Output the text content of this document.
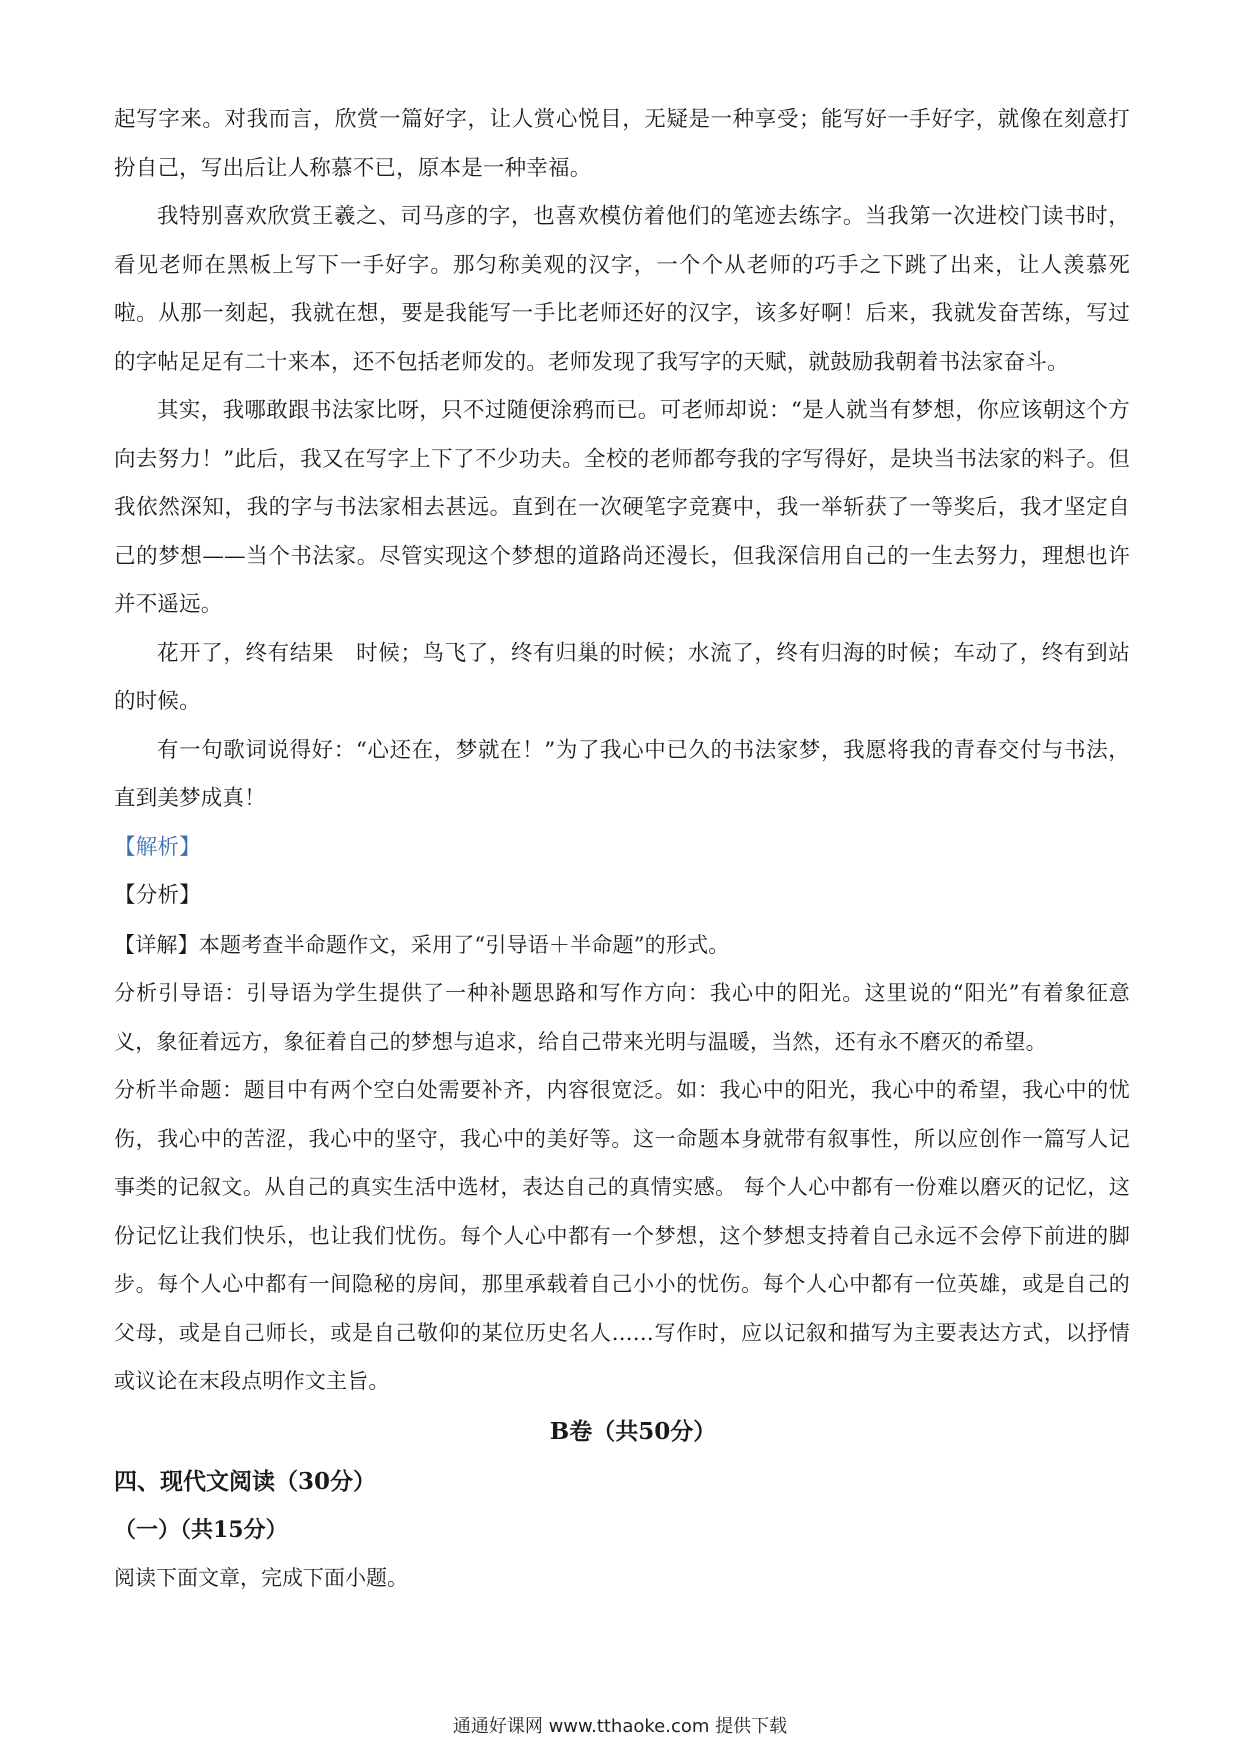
起写字来。对我而言，欣赏一篇好字，让人赏心悦目，无疑是一种享受；能写好一手好字，就像在刻意打扮自己，写出后让人称慕不已，原本是一种幸福。

我特别喜欢欣赏王羲之、司马彦的字，也喜欢模仿着他们的笔迹去练字。当我第一次进校门读书时，看见老师在黑板上写下一手好字。那匀称美观的汉字，一个个从老师的巧手之下跳了出来，让人羡慕死啦。从那一刻起，我就在想，要是我能写一手比老师还好的汉字，该多好啊！后来，我就发奋苦练，写过的字帖足足有二十来本，还不包括老师发的。老师发现了我写字的天赋，就鼓励我朝着书法家奋斗。

其实，我哪敢跟书法家比呀，只不过随便涂鸦而已。可老师却说：“是人就当有梦想，你应该朝这个方向去努力！”此后，我又在写字上下了不少功夫。全校的老师都夸我的字写得好，是块当书法家的料子。但我依然深知，我的字与书法家相去甚远。直到在一次硬笔字竞赛中，我一举斩获了一等奖后，我才坚定自己的梦想——当个书法家。尽管实现这个梦想的道路尚还漫长，但我深信用自己的一生去努力，理想也许并不遥远。

花开了，终有结果　时候；鸟飞了，终有归巢的时候；水流了，终有归海的时候；车动了，终有到站的时候。

有一句歌词说得好：“心还在，梦就在！”为了我心中已久的书法家梦，我愿将我的青春交付与书法，直到美梦成真！

【解析】

【分析】

【详解】本题考查半命题作文，采用了“引导语＋半命题”的形式。

分析引导语：引导语为学生提供了一种补题思路和写作方向：我心中的阳光。这里说的“阳光”有着象征意义，象征着远方，象征着自己的梦想与追求，给自己带来光明与温暖，当然，还有永不磨灭的希望。

分析半命题：题目中有两个空白处需要补齐，内容很宽泛。如：我心中的阳光，我心中的希望，我心中的忧伤，我心中的苦涩，我心中的坚守，我心中的美好等。这一命题本身就带有叙事性，所以应创作一篇写人记事类的记叙文。从自己的真实生活中选材，表达自己的真情实感。 每个人心中都有一份难以磨灭的记忆，这份记忆让我们快乐，也让我们忧伤。每个人心中都有一个梦想，这个梦想支持着自己永远不会停下前进的脚步。每个人心中都有一间隐秘的房间，那里承载着自己小小的忧伤。每个人心中都有一位英雄，或是自己的父母，或是自己师长，或是自己敬仰的某位历史名人……写作时，应以记叙和描写为主要表达方式，以抒情或议论在末段点明作文主旨。

B卷（共50分）
四、现代文阅读（30分）
（一）（共15分）
阅读下面文章，完成下面小题。
通通好课网 www.tthaoke.com 提供下载
